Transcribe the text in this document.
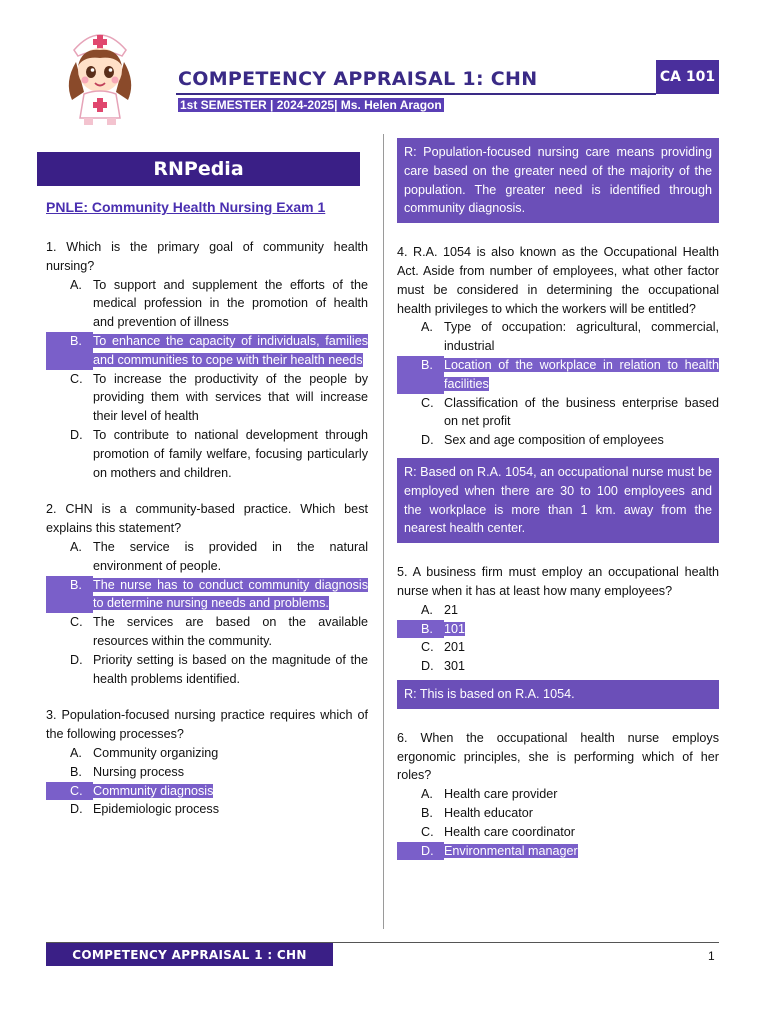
COMPETENCY APPRAISAL 1: CHN	CA 101
1st SEMESTER | 2024-2025| Ms. Helen Aragon
RNPedia
PNLE: Community Health Nursing Exam 1

1. Which is the primary goal of community health nursing?

A. To support and supplement the efforts of the medical profession in the promotion of health and prevention of illness
B. To enhance the capacity of individuals, families and communities to cope with their health needs
C. To increase the productivity of the people by providing them with services that will increase their level of health
D. To contribute to national development through promotion of family welfare, focusing particularly on mothers and children.

2. CHN is a community-based practice. Which best explains this statement?

A. The service is provided in the natural environment of people.
B. The nurse has to conduct community diagnosis to determine nursing needs and problems.
C. The services are based on the available resources within the community.
D. Priority setting is based on the magnitude of the health problems identified.

3. Population-focused nursing practice requires which of the following processes?

A. Community organizing
B. Nursing process
C. Community diagnosis
D. Epidemiologic process
R: Population-focused nursing care means providing care based on the greater need of the majority of the population. The greater need is identified through community diagnosis.

4. R.A. 1054 is also known as the Occupational Health Act. Aside from number of employees, what other factor must be considered in determining the occupational health privileges to which the workers will be entitled?

A. Type of occupation: agricultural, commercial, industrial
B. Location of the workplace in relation to health facilities
C. Classification of the business enterprise based on net profit
D. Sex and age composition of employees
R: Based on R.A. 1054, an occupational nurse must be employed when there are 30 to 100 employees and the workplace is more than 1 km. away from the nearest health center.

5. A business firm must employ an occupational health nurse when it has at least how many employees?

A. 21
B. 101
C. 201
D. 301
R: This is based on R.A. 1054.

6. When the occupational health nurse employs ergonomic principles, she is performing which of her roles?

A. Health care provider
B. Health educator
C. Health care coordinator
D. Environmental manager
COMPETENCY APPRAISAL 1 : CHN	1
